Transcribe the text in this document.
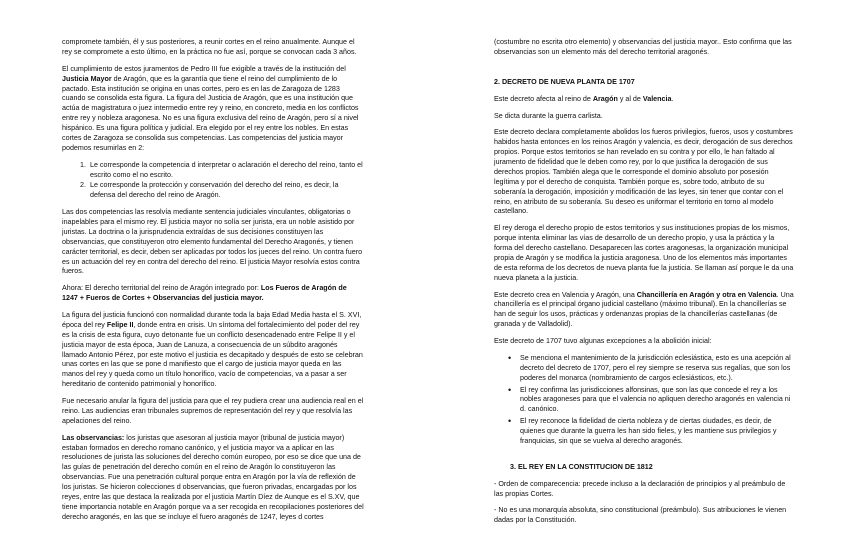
compromete también, él y sus posteriores, a reunir cortes en el reino anualmente. Aunque el rey se compromete a esto último, en la práctica no fue así, porque se convocan cada 3 años.

El cumplimiento de estos juramentos de Pedro III fue exigible a través de la institución del Justicia Mayor de Aragón, que es la garantía que tiene el reino del cumplimiento de lo pactado. Esta institución se origina en unas cortes, pero es en las de Zaragoza de 1283 cuando se consolida esta figura. La figura del Justicia de Aragón, que es una institución que actúa de magistratura o juez intermedio entre rey y reino, en concreto, media en los conflictos entre rey y nobleza aragonesa. No es una figura exclusiva del reino de Aragón, pero sí a nivel hispánico. Es una figura política y judicial. Era elegido por el rey entre los nobles. En estas cortes de Zaragoza se consolida sus competencias. Las competencias del justicia mayor podemos resumirlas en 2:

1. Le corresponde la competencia d interpretar o aclaración el derecho del reino, tanto el escrito como el no escrito.
2. Le corresponde la protección y conservación del derecho del reino, es decir, la defensa del derecho del reino de Aragón.

Las dos competencias las resolvía mediante sentencia judiciales vinculantes, obligatorias o inapelables para el mismo rey. El justicia mayor no solía ser jurista, era un noble asistido por juristas. La doctrina o la jurisprudencia extraídas de sus decisiones constituyen las observancias, que constituyeron otro elemento fundamental del Derecho Aragonés, y tienen carácter territorial, es decir, deben ser aplicadas por todos los jueces del reino. Un contra fuero es un actuación del rey en contra del derecho del reino. El justicia Mayor resolvía estos contra fueros.

Ahora: El derecho territorial del reino de Aragón integrado por: Los Fueros de Aragón de 1247 + Fueros de Cortes + Observancias del justicia mayor.

La figura del justicia funcionó con normalidad durante toda la baja Edad Media hasta el S. XVI, época del rey Felipe II, donde entra en crisis. Un síntoma del fortalecimiento del poder del rey es la crisis de esta figura, cuyo detonante fue un conflicto desencadenado entre Felipe II y el justicia mayor de esta época, Juan de Lanuza, a consecuencia de un súbdito aragonés llamado Antonio Pérez, por este motivo el justicia es decapitado y después de esto se celebran unas cortes en las que se pone d manifiesto que el cargo de justicia mayor queda en las manos del rey y queda como un título honorífico, vacío de competencias, va a pasar a ser hereditario de contenido patrimonial y honorífico.

Fue necesario anular la figura del justicia para que el rey pudiera crear una audiencia real en el reino. Las audiencias eran tribunales supremos de representación del rey y que resolvía las apelaciones del reino.

Las observancias: los juristas que asesoran al justicia mayor (tribunal de justicia mayor) estaban formados en derecho romano canónico, y el justicia mayor va a aplicar en las resoluciones de jurista las soluciones del derecho común europeo, por eso se dice que una de las guías de penetración del derecho común en el reino de Aragón lo constituyeron las observancias. Fue una penetración cultural porque entra en Aragón por la vía de reflexión de los juristas. Se hicieron colecciones d observancias, que fueron privadas, encargadas por los reyes, entre las que destaca la realizada por el justicia Martín Díez de Aunque es el S.XV, que tiene importancia notable en Aragón porque va a ser recogida en recopilaciones posteriores del derecho aragonés, en las que se incluye el fuero aragonés de 1247, leyes d cortes

(costumbre no escrita otro elemento) y observancias del justicia mayor.. Esto confirma que las observancias son un elemento más del derecho territorial aragonés.

2. DECRETO DE NUEVA PLANTA DE 1707

Este decreto afecta al reino de Aragón y al de Valencia.

Se dicta durante la guerra carlista.

Este decreto declara completamente abolidos los fueros privilegios, fueros, usos y costumbres habidos hasta entonces en los reinos Aragón y valencia, es decir, derogación de sus derechos propios. Porque estos territorios se han revelado en su contra y por ello, le han faltado al juramento de fidelidad que le deben como rey, por lo que justifica la derogación de sus derechos propios. También alega que le corresponde el dominio absoluto por posesión legítima y por el derecho de conquista. También porque es, sobre todo, atributo de su soberanía la derogación, imposición y modificación de las leyes, sin tener que contar con el reino, en atributo de su soberanía. Su deseo es uniformar el territorio en torno al modelo castellano.

El rey deroga el derecho propio de estos territorios y sus instituciones propias de los mismos, porque intenta eliminar las vías de desarrollo de un derecho propio, y usa la práctica y la forma del derecho castellano. Desaparecen las cortes aragonesas, la organización municipal propia de Aragón y se modifica la justicia aragonesa. Uno de los elementos más importantes de esta reforma de los decretos de nueva planta fue la justicia. Se llaman así porque le da una nueva planeta a la justicia.

Este decreto crea en Valencia y Aragón, una Chancillería en Aragón y otra en Valencia. Una chancillería es el principal órgano judicial castellano (máximo tribunal). En la chancillerías se han de seguir los usos, prácticas y ordenanzas propias de la chancillerías castellanas (de granada y de Valladolid).

Este decreto de 1707 tuvo algunas excepciones a la abolición inicial:

• Se menciona el mantenimiento de la jurisdicción eclesiástica, esto es una acepción al decreto del decreto de 1707, pero el rey siempre se reserva sus regalías, que son los poderes del monarca (nombramiento de cargos eclesiásticos, etc.).
• El rey confirma las jurisdicciones alfonsinas, que son las que concede el rey a los nobles aragoneses para que el valencia no apliquen derecho aragonés en valencia ni d. canónico.
• El rey reconoce la fidelidad de cierta nobleza y de ciertas ciudades, es decir, de quienes que durante la guerra les han sido fieles, y les mantiene sus privilegios y franquicias, sin que se vuelva al derecho aragonés.
3. EL REY EN LA CONSTITUCION DE 1812

- Orden de comparecencia: precede incluso a la declaración de principios y al preámbulo de las propias Cortes.

- No es una monarquía absoluta, sino constitucional (preámbulo). Sus atribuciones le vienen dadas por la Constitución.
